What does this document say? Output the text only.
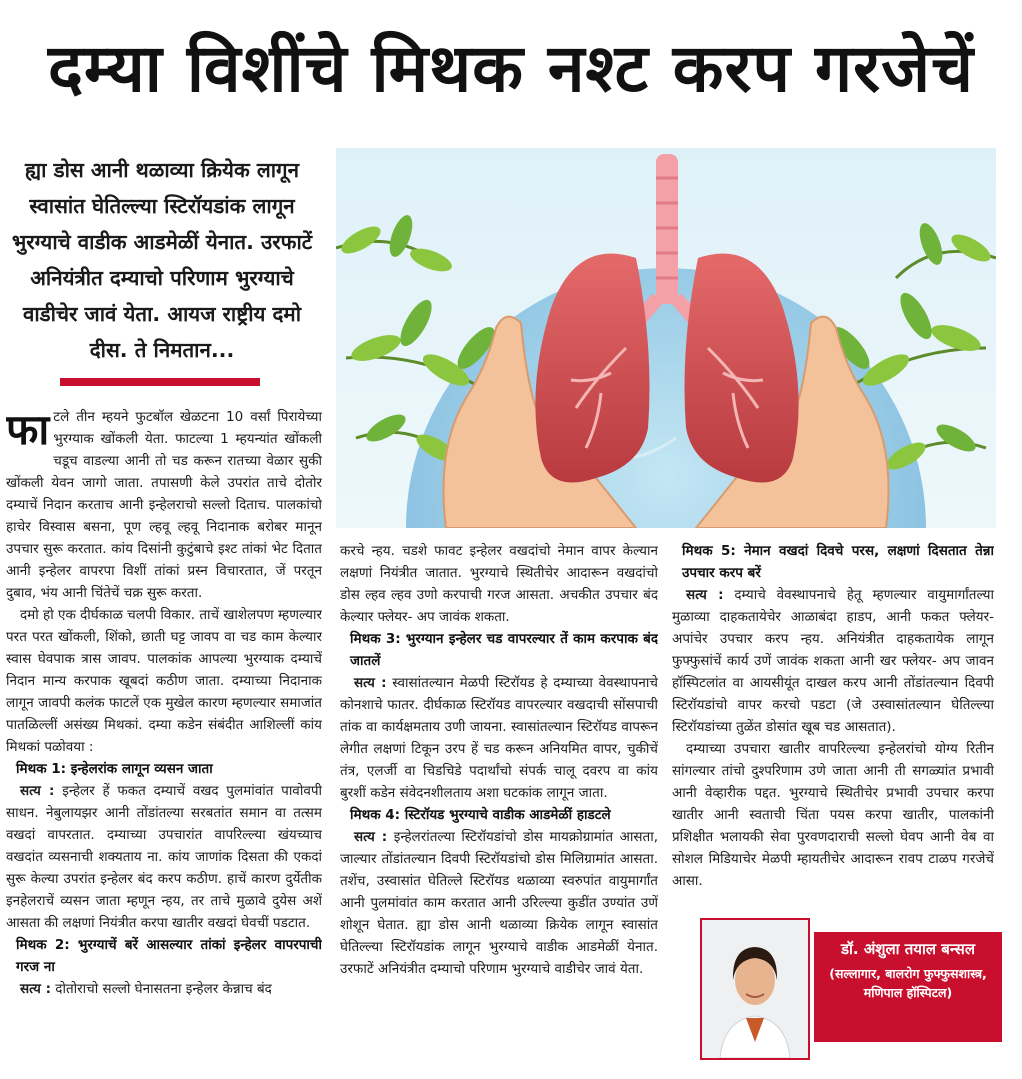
दम्या विशींचे मिथक नश्ट करप गरजेचें
ह्या डोस आनी थळाव्या क्रियेक लागून स्वासांत घेतिल्ल्या स्टिरॉयडांक लागून भुरग्याचे वाडीक आडमेळीं येनात. उरफाटें अनियंत्रीत दम्याचो परिणाम भुरग्याचे वाडीचेर जावं येता. आयज राष्ट्रीय दमो दीस. ते निमतान...

फाटले तीन म्हयने फुटबॉल खेळटना 10 वर्सां पिरायेच्या भुरग्याक खोंकली येता. फाटल्या 1 म्हयन्यांत खोंकली चडूच वाडल्या आनी तो चड करून रातच्या वेळार सुकी खोंकली येवन जागो जाता. तपासणी केले उपरांत ताचे दोतोर दम्याचें निदान करताच आनी इन्हेलराचो सल्लो दिताच. पालकांचो हाचेर विस्वास बसना, पूण ल्हवू ल्हवू निदानाक बरोबर मानून उपचार सुरू करतात. कांय दिसांनी कुटुंबाचे इश्ट तांकां भेट दितात आनी इन्हेलर वापरपा विशीं तांकां प्रस्न विचारतात, जें परतून दुबाव, भंय आनी चिंतेचें चक्र सुरू करता.

दमो हो एक दीर्घकाळ चलपी विकार. ताचें खाशेलपण म्हणल्यार परत परत खोंकली, शिंको, छाती घट्ट जावप वा चड काम केल्यार स्वास घेवपाक त्रास जावप. पालकांक आपल्या भुरग्याक दम्याचें निदान मान्य करपाक खूबदां कठीण जाता. दम्याच्या निदानाक लागून जावपी कलंक फाटलें एक मुखेल कारण म्हणल्यार समाजांत पातळिल्लीं असंख्य मिथकां. दम्या कडेन संबंदीत आशिल्लीं कांय मिथकां पळोवया :

मिथक 1: इन्हेलरांक लागून व्यसन जाता

सत्य : इन्हेलर हें फकत दम्याचें वखद पुलमांवांत पावोवपी साधन. नेबुलायझर आनी तोंडांतल्या सरबतांत समान वा तत्सम वखदां वापरतात. दम्याच्या उपचारांत वापरिल्ल्या खंयच्याच वखदांत व्यसनाची शक्यताय ना. कांय जाणांक दिसता की एकदां सुरू केल्या उपरांत इन्हेलर बंद करप कठीण. हाचें कारण दुर्येतीक इनहेलराचें व्यसन जाता म्हणून न्हय, तर ताचे मुळावे दुयेस अशें आसता की लक्षणां नियंत्रीत करपा खातीर वखदां घेवचीं पडटात.

मिथक 2: भुरग्याचें बरें आसल्यार तांकां इन्हेलर वापरपाची गरज ना

सत्य : दोतोराचो सल्लो घेनासतना इन्हेलर केन्नाच बंद

करचे न्हय. चडशे फावट इन्हेलर वखदांचो नेमान वापर केल्यान लक्षणां नियंत्रीत जातात. भुरग्याचे स्थितीचेर आदारून वखदांचो डोस ल्हव ल्हव उणो करपाची गरज आसता. अचकीत उपचार बंद केल्यार फ्लेयर- अप जावंक शकता.

मिथक 3: भुरग्यान इन्हेलर चड वापरल्यार तें काम करपाक बंद जातलें

सत्य : स्वासांतल्यान मेळपी स्टिरॉयड हे दम्याच्या वेवस्थापनाचे कोनशाचे फातर. दीर्घकाळ स्टिरॉयड वापरल्यार वखदाची सोंसपाची तांक वा कार्यक्षमताय उणी जायना. स्वासांतल्यान स्टिरॉयड वापरून लेगीत लक्षणां टिकून उरप हें चड करून अनियमित वापर, चुकीचें तंत्र, एलर्जी वा चिडचिडे पदार्थांचो संपर्क चालू दवरप वा कांय बुरशीं कडेन संवेदनशीलताय अशा घटकांक लागून जाता.

मिथक 4: स्टिरॉयड भुरग्याचे वाडीक आडमेळीं हाडटले

सत्य : इन्हेलरांतल्या स्टिरॉयडांचो डोस मायक्रोग्रामांत आसता, जाल्यार तोंडांतल्यान दिवपी स्टिरॉयडांचो डोस मिलिग्रामांत आसता. तशेंच, उस्वासांत घेतिल्ले स्टिरॉयड थळाव्या स्वरुपांत वायुमार्गांत आनी पुलमांवांत काम करतात आनी उरिल्ल्या कुडींत उण्यांत उणें शोशून घेतात. ह्या डोस आनी थळाव्या क्रियेक लागून स्वासांत घेतिल्ल्या स्टिरॉयडांक लागून भुरग्याचे वाडीक आडमेळीं येनात. उरफाटें अनियंत्रीत दम्याचो परिणाम भुरग्याचे वाडीचेर जावं येता.

मिथक 5: नेमान वखदां दिवचे परस, लक्षणां दिसतात तेन्ना उपचार करप बरें

सत्य : दम्याचे वेवस्थापनाचे हेतू म्हणल्यार वायुमार्गांतल्या मुळाव्या दाहकतायेचेर आळाबंदा हाडप, आनी फकत फ्लेयर- अपांचेर उपचार करप न्हय. अनियंत्रीत दाहकतायेक लागून फुफ्फुसांचें कार्य उणें जावंक शकता आनी खर फ्लेयर- अप जावन हॉस्पिटलांत वा आयसीयूंत दाखल करप आनी तोंडांतल्यान दिवपी स्टिरॉयडांचो वापर करचो पडटा (जे उस्वासांतल्यान घेतिल्ल्या स्टिरॉयडांच्या तुळेंत डोसांत खूब चड आसतात).

दम्याच्या उपचारा खातीर वापरिल्ल्या इन्हेलरांचो योग्य रितीन सांगल्यार तांचो दुश्परिणाम उणे जाता आनी ती सगळ्यांत प्रभावी आनी वेव्हारीक पद्दत. भुरग्याचे स्थितीचेर प्रभावी उपचार करपा खातीर आनी स्वताची चिंता पयस करपा खातीर, पालकांनी प्रशिक्षीत भलायकी सेवा पुरवणदाराची सल्लो घेवप आनी वेब वा सोशल मिडियाचेर मेळपी म्हायतीचेर आदारून रावप टाळप गरजेचें आसा.

डॉ. अंशुला तयाल बन्सल
(सल्लागार, बालरोग फुफ्फुसशास्त्र, मणिपाल हॉस्पिटल)
